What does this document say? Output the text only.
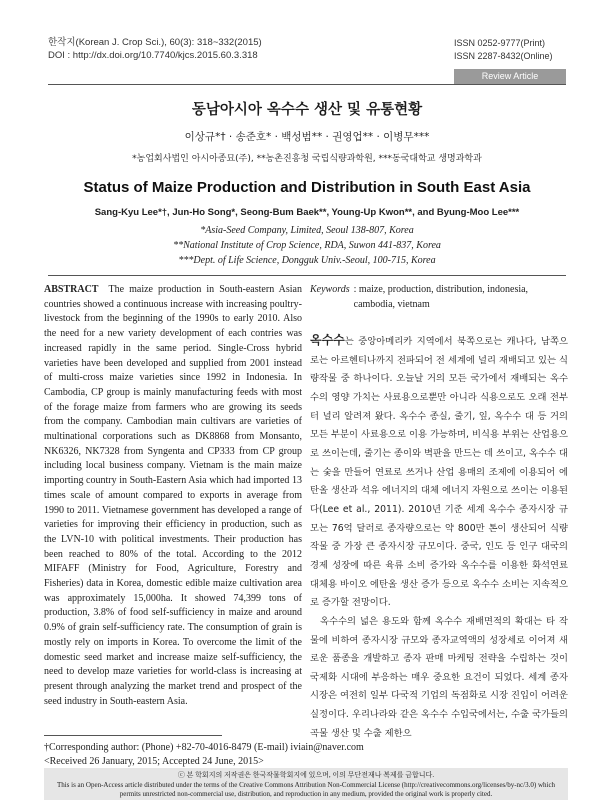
한작지(Korean J. Crop Sci.), 60(3): 318~332(2015)
DOI : http://dx.doi.org/10.7740/kjcs.2015.60.3.318
ISSN 0252-9777(Print)
ISSN 2287-8432(Online)
Review Article
동남아시아 옥수수 생산 및 유통현황
이상규*† · 송준호* · 백성범** · 권영업** · 이병무***
*농업회사법인 아시아종묘(주), **농촌진흥청 국립식량과학원, ***동국대학교 생명과학과
Status of Maize Production and Distribution in South East Asia
Sang-Kyu Lee*†, Jun-Ho Song*, Seong-Bum Baek**, Young-Up Kwon**, and Byung-Moo Lee***
*Asia-Seed Company, Limited, Seoul 138-807, Korea
**National Institute of Crop Science, RDA, Suwon 441-837, Korea
***Dept. of Life Science, Dongguk Univ.-Seoul, 100-715, Korea
ABSTRACT The maize production in South-eastern Asian countries showed a continuous increase with increasing poultry-livestock from the beginning of the 1990s to early 2010. Also the need for a new variety development of each contries was increased rapidly in the same period. Single-Cross hybrid varieties have been developed and supplied from 2001 instead of multi-cross maize varieties since 1992 in Indonesia. In Cambodia, CP group is mainly manufacturing feeds with most of the forage maize from farmers who are growing its seeds from the company. Cambodian main cultivars are varieties of multinational corporations such as DK8868 from Monsanto, NK6326, NK7328 from Syngenta and CP333 from CP group including local business company. Vietnam is the main maize importing country in South-Eastern Asia which had imported 13 times scale of amount compared to exports in average from 1990 to 2011. Vietnamese government has developed a range of varieties for improving their efficiency in production, such as the LVN-10 with political investments. Their production has been reached to 80% of the total. According to the 2012 MIFAFF (Ministry for Food, Agriculture, Forestry and Fisheries) data in Korea, domestic edible maize cultivation area was approximately 15,000ha. It showed 74,399 tons of production, 3.8% of food self-sufficiency in maize and around 0.9% of grain self-sufficiency rate. The consumption of grain is mostly rely on imports in Korea. To overcome the limit of the domestic seed market and increase maize self-sufficiency, the need to develop maze varieties for world-class is increasing at present through analyzing the market trend and prospect of the seed industry in South-eastern Asia.
Keywords : maize, production, distribution, indonesia, cambodia, vietnam

옥수수는 중앙아메리카 지역에서 북쪽으로는 캐나다, 남쪽으로는 아르헨티나까지 전파되어 전 세계에 널리 재배되고 있는 식량작물 중 하나이다. 오늘날 거의 모든 국가에서 재배되는 옥수수의 영양 가치는 사료용으로뿐만 아니라 식용으로도 오래 전부터 널리 알려져 왔다. 옥수수 종실, 줄기, 잎, 옥수수 대 등 거의 모든 부분이 사료용으로 이용 가능하며, 비식용 부위는 산업용으로 쓰이는데, 줄기는 종이와 벽판을 만드는 데 쓰이고, 옥수수 대는 숯을 만들어 연료로 쓰거나 산업 용매의 조제에 이용되어 에탄올 생산과 석유 에너지의 대체 에너지 자원으로 쓰이는 이용된다(Lee et al., 2011). 2010년 기준 세계 옥수수 종자시장 규모는 76억 달러로 종자량으로는 약 800만 톤이 생산되어 식량작물 중 가장 큰 종자시장 규모이다. 중국, 인도 등 인구 대국의 경제 성장에 따른 육류 소비 증가와 옥수수를 이용한 화석연료 대체용 바이오 에탄올 생산 증가 등으로 옥수수 소비는 지속적으로 증가할 전망이다.

옥수수의 넓은 용도와 함께 옥수수 재배면적의 확대는 타 작물에 비하여 종자시장 규모와 종자교역액의 성장세로 이어져 새로운 품종을 개발하고 종자 판매 마케팅 전략을 수립하는 것이 국제화 시대에 부응하는 매우 중요한 요건이 되었다. 세계 종자 시장은 여전히 일부 다국적 기업의 독점화로 시장 진입이 어려운 실정이다. 우리나라와 같은 옥수수 수입국에서는, 수출 국가들의 곡물 생산 및 수출 제한으

†Corresponding author: (Phone) +82-70-4016-8479 (E-mail) iviain@naver.com
<Received 26 January, 2015; Accepted 24 June, 2015>
ⓒ 본 학회지의 저작권은 한국작물학회지에 있으며, 이의 무단전재나 복제를 금합니다.
This is an Open-Access article distributed under the terms of the Creative Commons Attribution Non-Commercial License (http://creativecommons.org/licenses/by-nc/3.0) which
permits unrestricted non-commercial use, distribution, and reproduction in any medium, provided the original work is properly cited.
